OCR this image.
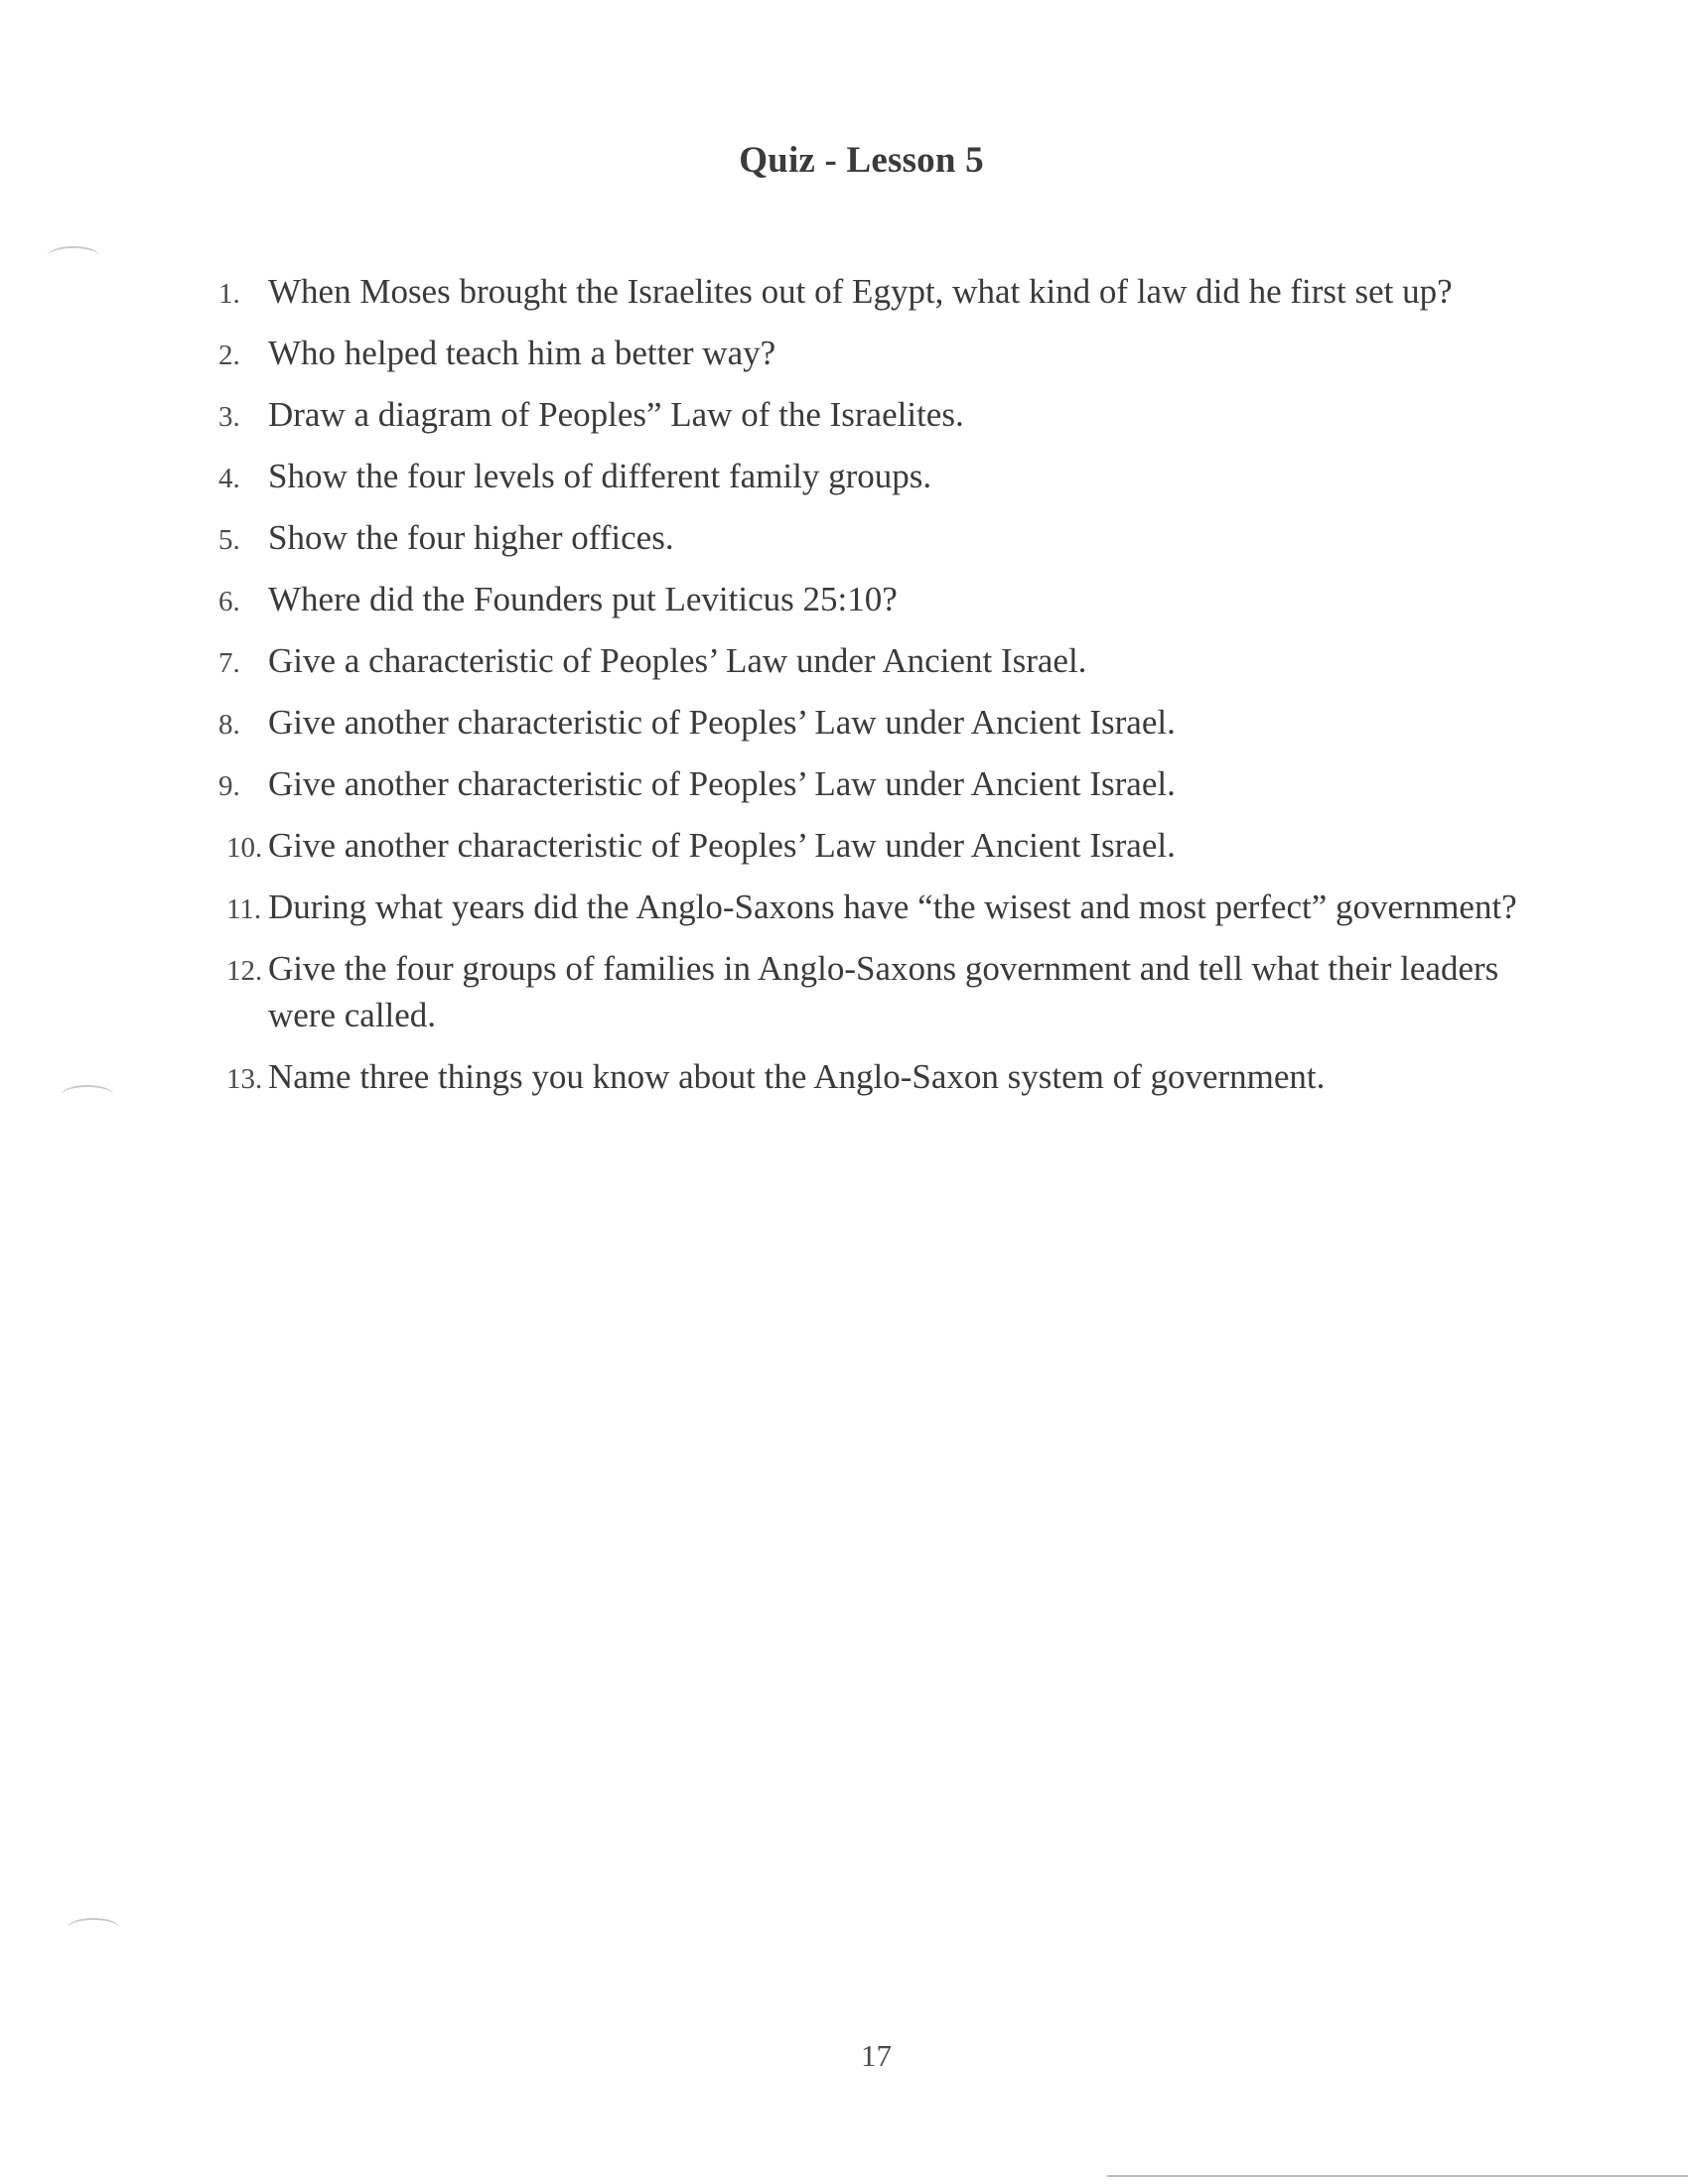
Quiz - Lesson 5
1. When Moses brought the Israelites out of Egypt, what kind of law did he first set up?
2. Who helped teach him a better way?
3. Draw a diagram of Peoples” Law of the Israelites.
4. Show the four levels of different family groups.
5. Show the four higher offices.
6. Where did the Founders put Leviticus 25:10?
7. Give a characteristic of Peoples’ Law under Ancient Israel.
8. Give another characteristic of Peoples’ Law under Ancient Israel.
9. Give another characteristic of Peoples’ Law under Ancient Israel.
10. Give another characteristic of Peoples’ Law under Ancient Israel.
11. During what years did the Anglo-Saxons have “the wisest and most perfect” government?
12. Give the four groups of families in Anglo-Saxons government and tell what their leaders were called.
13. Name three things you know about the Anglo-Saxon system of government.
17
